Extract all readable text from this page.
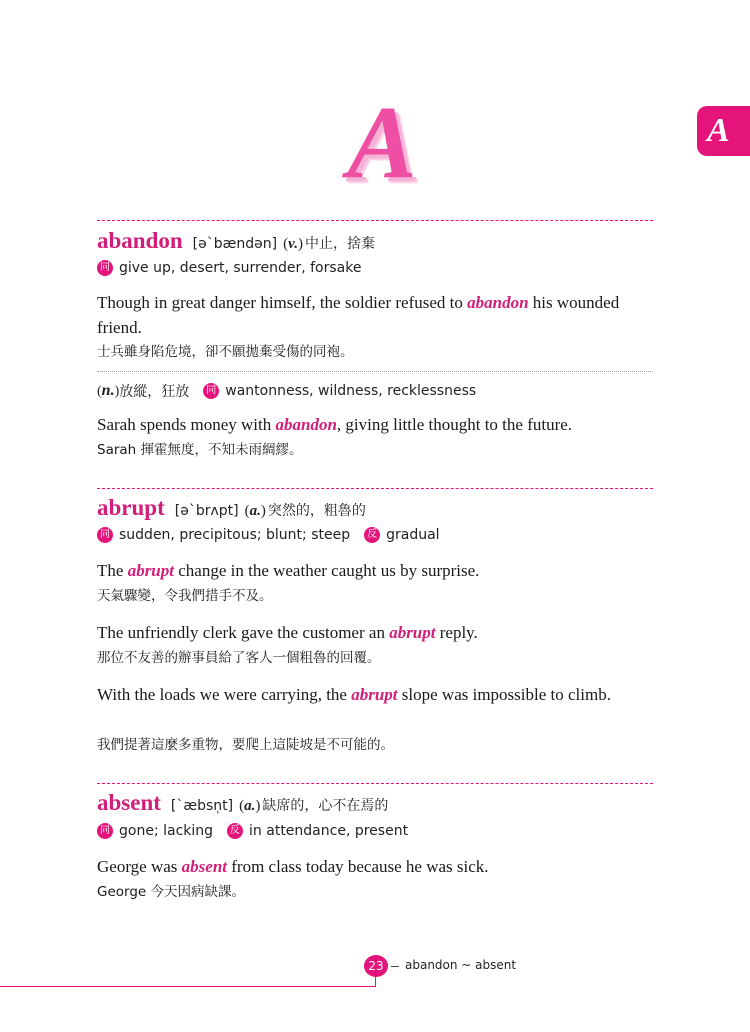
A	A
abandon [ə`bændən] (v.) 中止，捨棄
同 give up, desert, surrender, forsake
Though in great danger himself, the soldier refused to abandon his wounded friend.
士兵雖身陷危境，卻不願拋棄受傷的同袍。
(n.) 放縱，狂放	同 wantonness, wildness, recklessness
Sarah spends money with abandon, giving little thought to the future.
Sarah 揮霍無度，不知未雨綢繆。
abrupt [ə`brʌpt] (a.) 突然的，粗魯的
同 sudden, precipitous; blunt; steep	反 gradual
The abrupt change in the weather caught us by surprise.
天氣驟變，令我們措手不及。
The unfriendly clerk gave the customer an abrupt reply.
那位不友善的辦事員給了客人一個粗魯的回覆。
With the loads we were carrying, the abrupt slope was impossible to climb.
我們提著這麼多重物，要爬上這陡坡是不可能的。
absent [`æbsn̩t] (a.) 缺席的，心不在焉的
同 gone; lacking	反 in attendance, present
George was absent from class today because he was sick.
George 今天因病缺課。
23	abandon ~ absent
